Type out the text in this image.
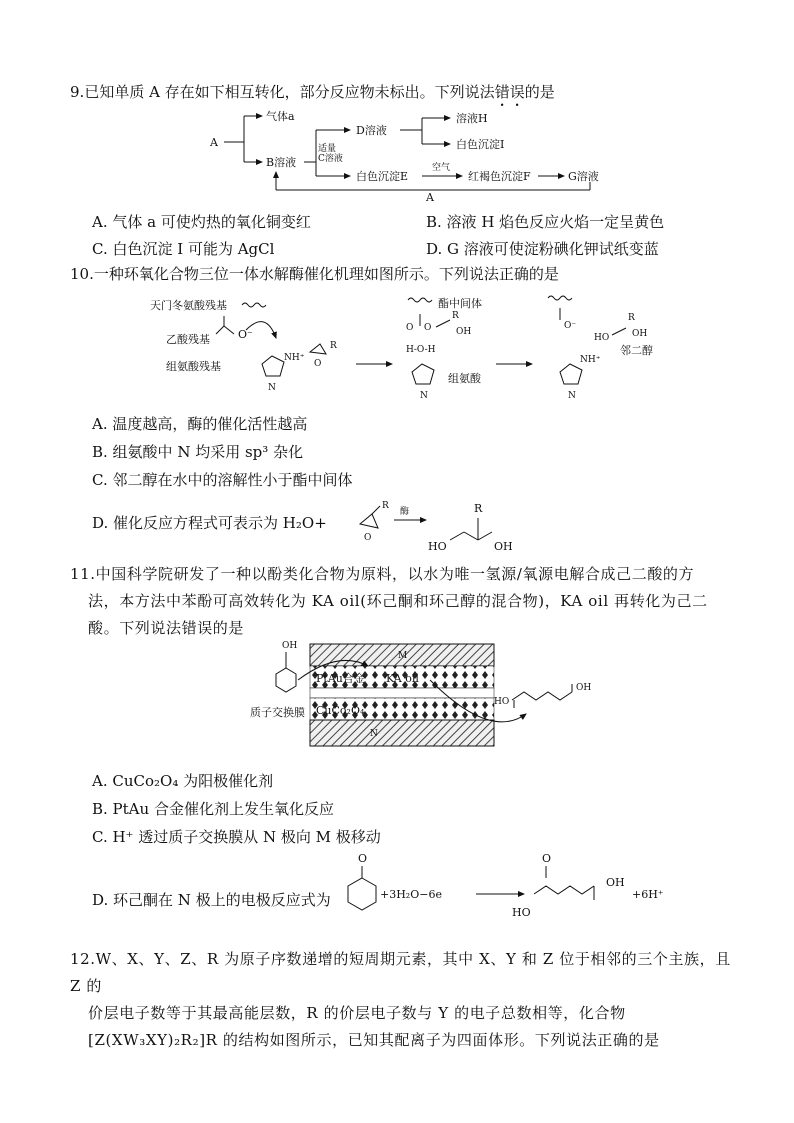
9.已知单质 A 存在如下相互转化，部分反应物未标出。下列说法错误的是
A
气体a
B溶液
适量
C溶液
D溶液
溶液H
白色沉淀I
白色沉淀E
空气
红褐色沉淀F	G溶液
A
A. 气体 a 可使灼热的氧化铜变红	B. 溶液 H 焰色反应火焰一定呈黄色
C. 白色沉淀 I 可能为 AgCl	D. G 溶液可使淀粉碘化钾试纸变蓝
10.一种环氧化合物三位一体水解酶催化机理如图所示。下列说法正确的是
天门冬氨酸残基
乙酸残基
组氨酸残基
O⁻
NH⁺
N
O
R
酯中间体
O O
R
OH
H-O-H
N
组氨酸
O⁻
HO
R
OH
邻二醇
NH⁺
N
A. 温度越高，酶的催化活性越高
B. 组氨酸中 N 均采用 sp³ 杂化
C. 邻二醇在水中的溶解性小于酯中间体
D. 催化反应方程式可表示为 H₂O+
O
R
酶
HO
R
OH
11.中国科学院研发了一种以酚类化合物为原料，以水为唯一氢源/氧源电解合成己二酸的方
法，本方法中苯酚可高效转化为 KA oil(环己酮和环己醇的混合物)，KA oil 再转化为己二
酸。下列说法错误的是
M
PtAu合金 KA oil
CuCo₂O₄
N
OH
质子交换膜
HO
OH
A. CuCo₂O₄ 为阳极催化剂
B. PtAu 合金催化剂上发生氧化反应
C. H⁺ 透过质子交换膜从 N 极向 M 极移动
D. 环己酮在 N 极上的电极反应式为
O
+3H₂O−6e
O
HO
OH
+6H⁺
12.W、X、Y、Z、R 为原子序数递增的短周期元素，其中 X、Y 和 Z 位于相邻的三个主族，且 Z 的
价层电子数等于其最高能层数，R 的价层电子数与 Y 的电子总数相等，化合物
[Z(XW₃XY)₂R₂]R 的结构如图所示，已知其配离子为四面体形。下列说法正确的是
